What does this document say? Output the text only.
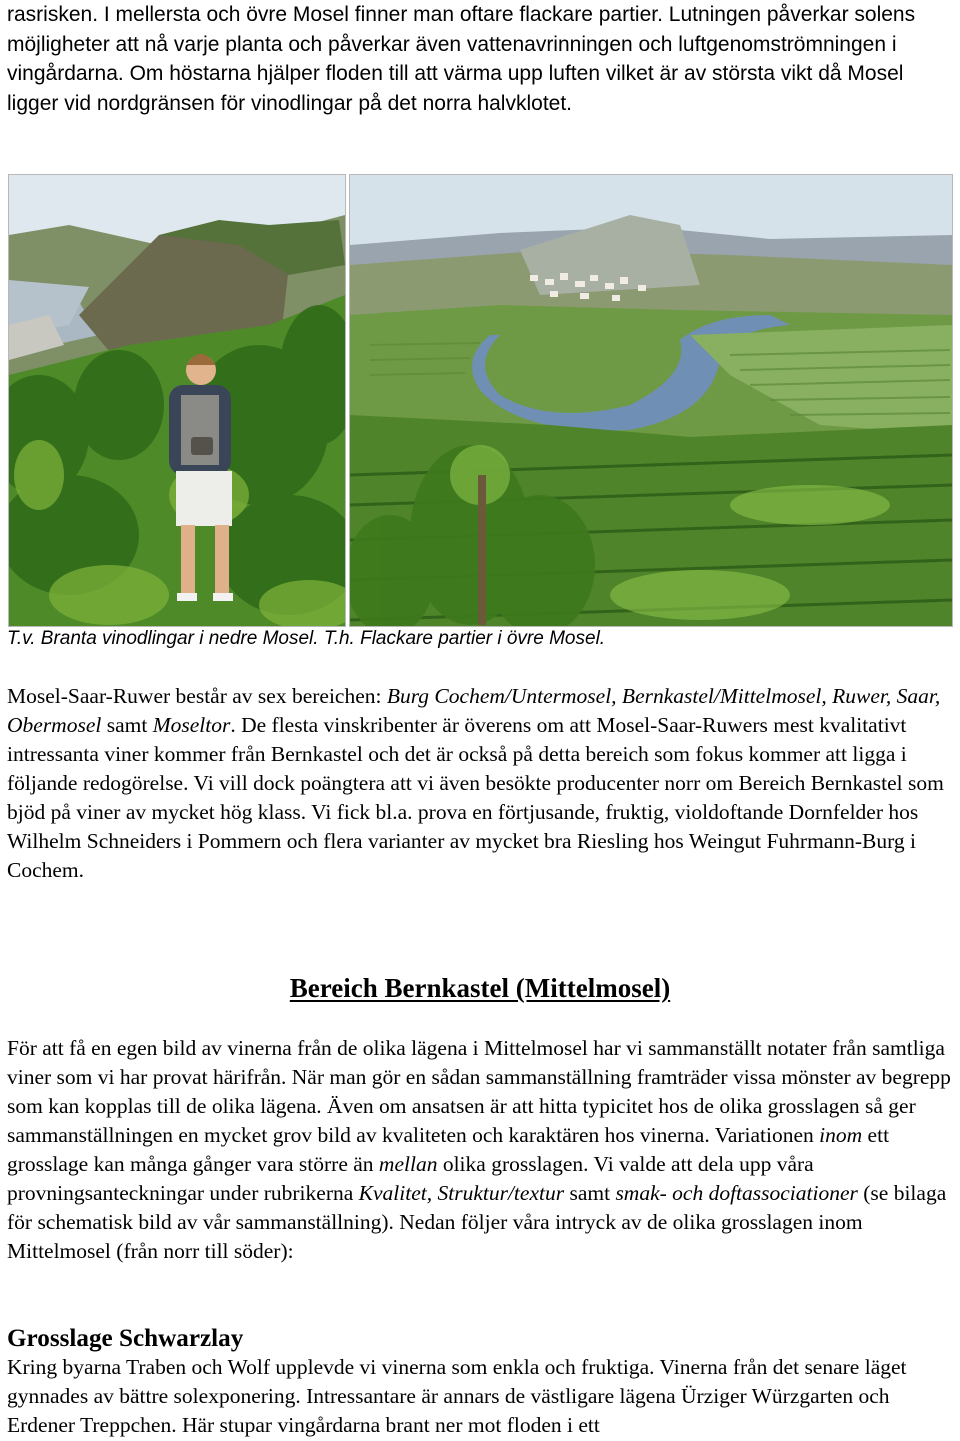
rasrisken. I mellersta och övre Mosel finner man oftare flackare partier. Lutningen påverkar solens möjligheter att nå varje planta och påverkar även vattenavrinningen och luftgenomströmningen i vingårdarna. Om höstarna hjälper floden till att värma upp luften vilket är av största vikt då Mosel ligger vid nordgränsen för vinodlingar på det norra halvklotet.

T.v. Branta vinodlingar i nedre Mosel. T.h. Flackare partier i övre Mosel.

Mosel-Saar-Ruwer består av sex bereichen: Burg Cochem/Untermosel, Bernkastel/Mittelmosel, Ruwer, Saar, Obermosel samt Moseltor. De flesta vinskribenter är överens om att Mosel-Saar-Ruwers mest kvalitativt intressanta viner kommer från Bernkastel och det är också på detta bereich som fokus kommer att ligga i följande redogörelse. Vi vill dock poängtera att vi även besökte producenter norr om Bereich Bernkastel som bjöd på viner av mycket hög klass. Vi fick bl.a. prova en förtjusande, fruktig, violdoftande Dornfelder hos Wilhelm Schneiders i Pommern och flera varianter av mycket bra Riesling hos Weingut Fuhrmann-Burg i Cochem.

Bereich Bernkastel (Mittelmosel)

För att få en egen bild av vinerna från de olika lägena i Mittelmosel har vi sammanställt notater från samtliga viner som vi har provat härifrån. När man gör en sådan sammanställning framträder vissa mönster av begrepp som kan kopplas till de olika lägena. Även om ansatsen är att hitta typicitet hos de olika grosslagen så ger sammanställningen en mycket grov bild av kvaliteten och karaktären hos vinerna. Variationen inom ett grosslage kan många gånger vara större än mellan olika grosslagen. Vi valde att dela upp våra provningsanteckningar under rubrikerna Kvalitet, Struktur/textur samt smak- och doftassociationer (se bilaga för schematisk bild av vår sammanställning). Nedan följer våra intryck av de olika grosslagen inom Mittelmosel (från norr till söder):

Grosslage Schwarzlay

Kring byarna Traben och Wolf upplevde vi vinerna som enkla och fruktiga. Vinerna från det senare läget gynnades av bättre solexponering. Intressantare är annars de västligare lägena Ürziger Würzgarten och Erdener Treppchen. Här stupar vingårdarna brant ner mot floden i ett
